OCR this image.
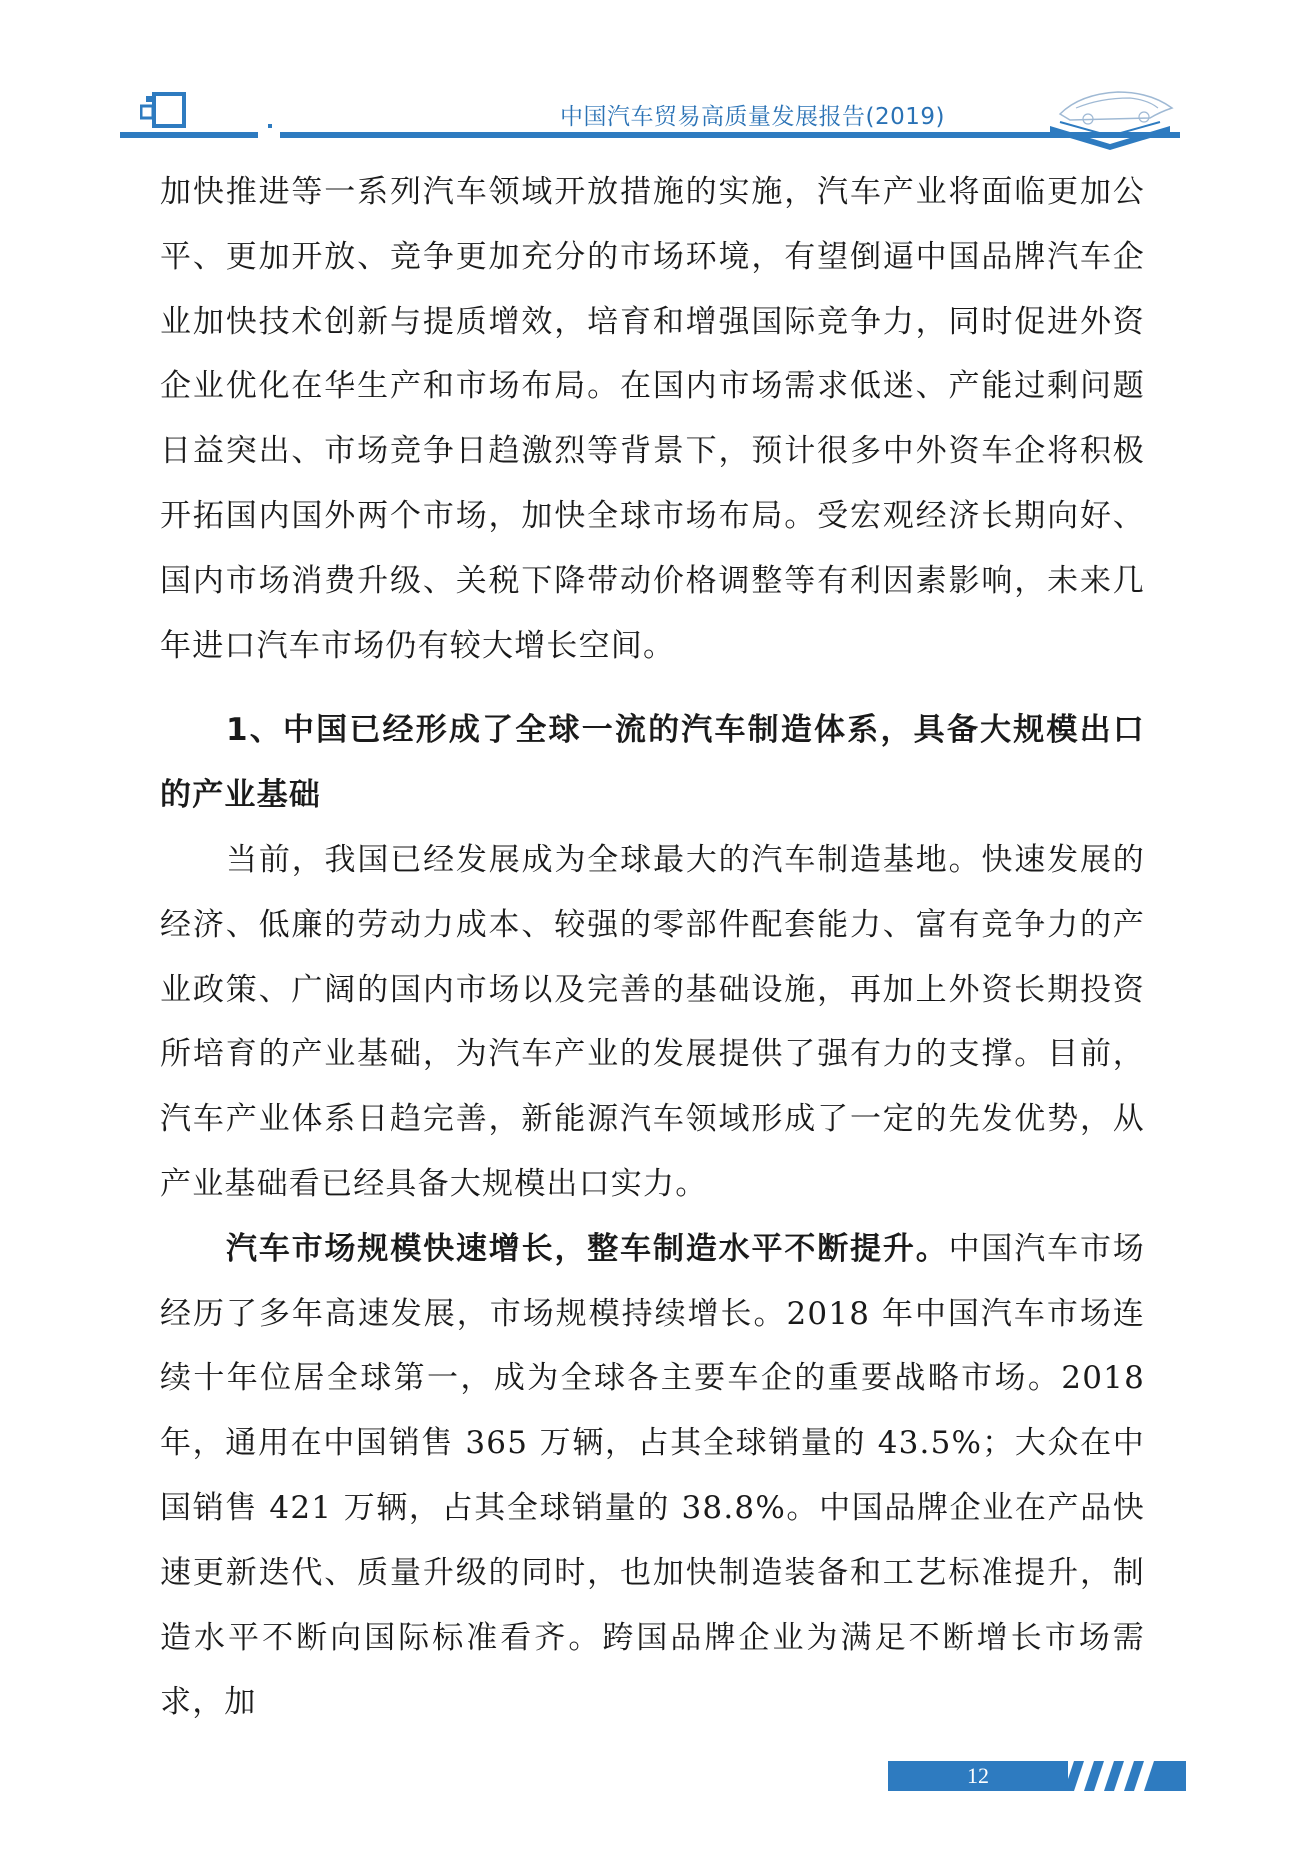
中国汽车贸易高质量发展报告(2019)

加快推进等一系列汽车领域开放措施的实施，汽车产业将面临更加公平、更加开放、竞争更加充分的市场环境，有望倒逼中国品牌汽车企业加快技术创新与提质增效，培育和增强国际竞争力，同时促进外资企业优化在华生产和市场布局。在国内市场需求低迷、产能过剩问题日益突出、市场竞争日趋激烈等背景下，预计很多中外资车企将积极开拓国内国外两个市场，加快全球市场布局。受宏观经济长期向好、国内市场消费升级、关税下降带动价格调整等有利因素影响，未来几年进口汽车市场仍有较大增长空间。

1、中国已经形成了全球一流的汽车制造体系，具备大规模出口的产业基础

当前，我国已经发展成为全球最大的汽车制造基地。快速发展的经济、低廉的劳动力成本、较强的零部件配套能力、富有竞争力的产业政策、广阔的国内市场以及完善的基础设施，再加上外资长期投资所培育的产业基础，为汽车产业的发展提供了强有力的支撑。目前，汽车产业体系日趋完善，新能源汽车领域形成了一定的先发优势，从产业基础看已经具备大规模出口实力。

汽车市场规模快速增长，整车制造水平不断提升。中国汽车市场经历了多年高速发展，市场规模持续增长。2018 年中国汽车市场连续十年位居全球第一，成为全球各主要车企的重要战略市场。2018 年，通用在中国销售 365 万辆，占其全球销量的 43.5%；大众在中国销售 421 万辆，占其全球销量的 38.8%。中国品牌企业在产品快速更新迭代、质量升级的同时，也加快制造装备和工艺标准提升，制造水平不断向国际标准看齐。跨国品牌企业为满足不断增长市场需求，加

12
